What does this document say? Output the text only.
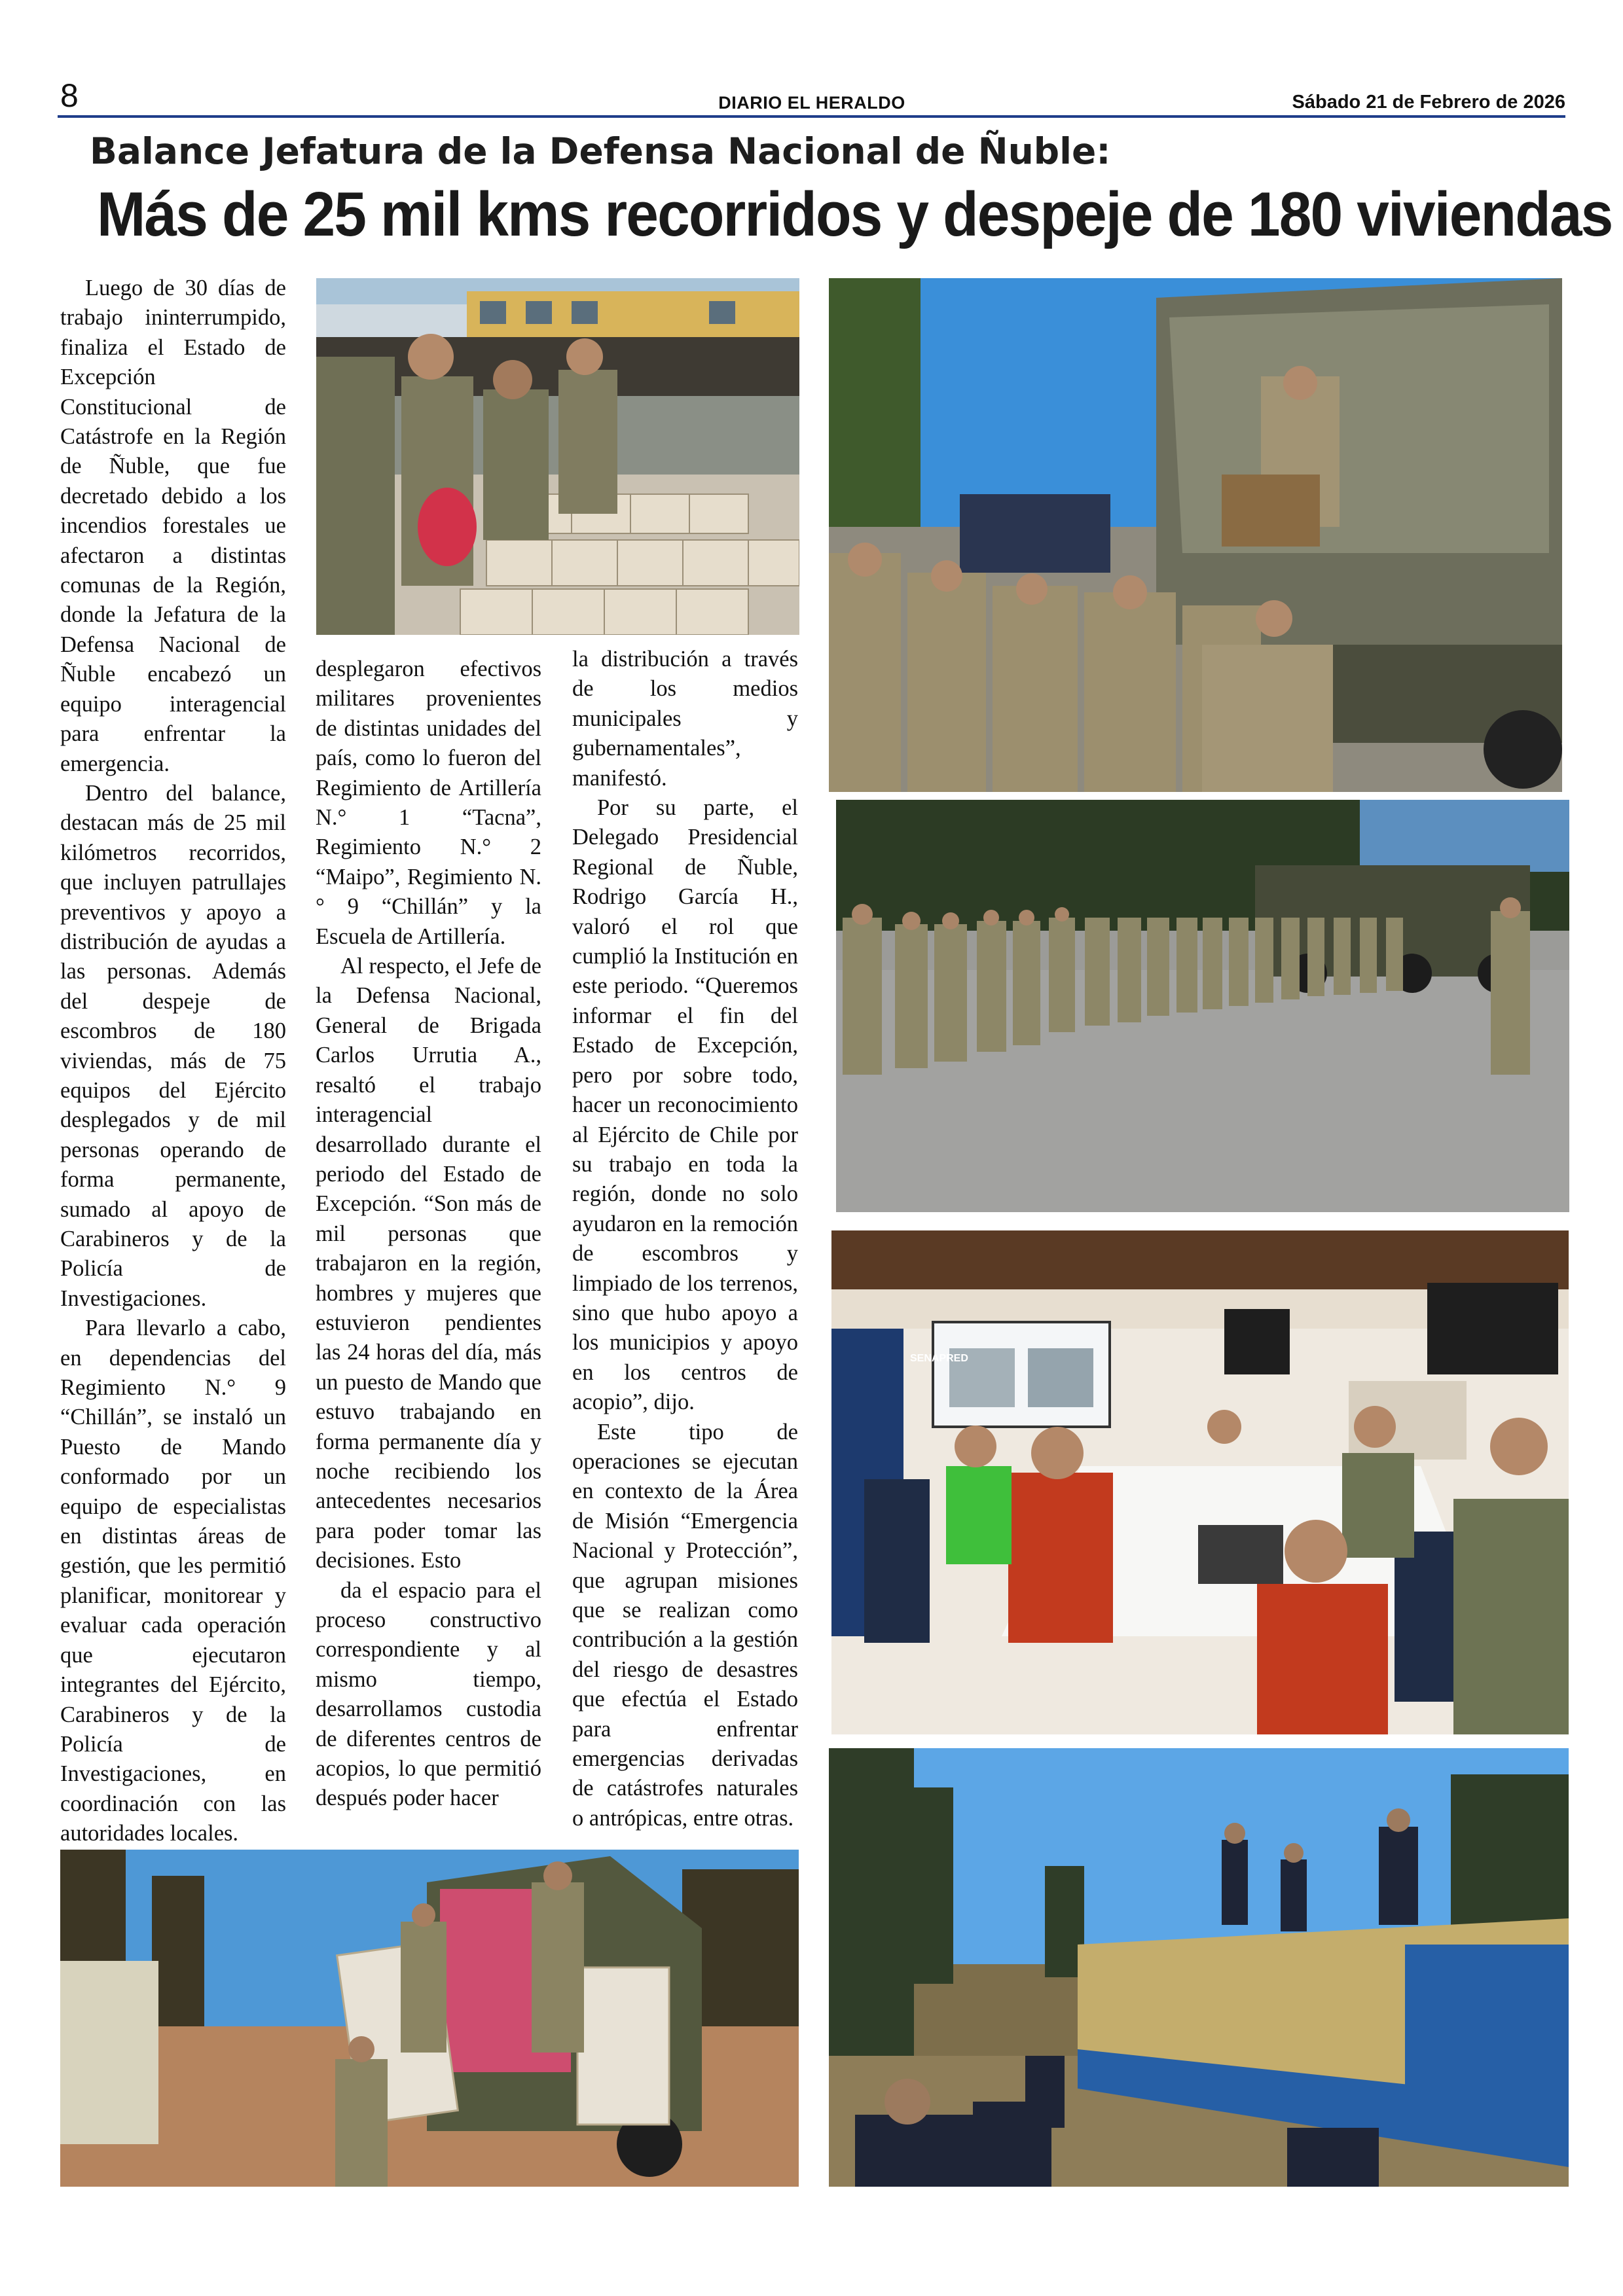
8	DIARIO EL HERALDO	Sábado 21 de Febrero de 2026
Balance Jefatura de la Defensa Nacional de Ñuble:
Más de 25 mil kms recorridos y despeje de 180 viviendas

Luego de 30 días de trabajo ininterrumpido, finaliza el Estado de Excepción Constitucional de Catástrofe en la Región de Ñuble, que fue decretado debido a los incendios forestales ue afectaron a distintas comunas de la Región, donde la Jefatura de la Defensa Nacional de Ñuble encabezó un equipo interagencial para enfrentar la emergencia.

Dentro del balance, destacan más de 25 mil kilómetros recorridos, que incluyen patrullajes preventivos y apoyo a distribución de ayudas a las personas. Además del despeje de escombros de 180 viviendas, más de 75 equipos del Ejército desplegados y de mil personas operando de forma permanente, sumado al apoyo de Carabineros y de la Policía de Investigaciones.

Para llevarlo a cabo, en dependencias del Regimiento N.° 9 “Chillán”, se instaló un Puesto de Mando conformado por un equipo de especialistas en distintas áreas de gestión, que les permitió planificar, monitorear y evaluar cada operación que ejecutaron integrantes del Ejército, Carabineros y de la Policía de Investigaciones, en coordinación con las autoridades locales.

desplegaron efectivos militares provenientes de distintas unidades del país, como lo fueron del Regimiento de Artillería N.° 1 “Tacna”, Regimiento N.° 2 “Maipo”, Regimiento N.° 9 “Chillán” y la Escuela de Artillería.

Al respecto, el Jefe de la Defensa Nacional, General de Brigada Carlos Urrutia A., resaltó el trabajo interagencial desarrollado durante el periodo del Estado de Excepción. “Son más de mil personas que trabajaron en la región, hombres y mujeres que estuvieron pendientes las 24 horas del día, más un puesto de Mando que estuvo trabajando en forma permanente día y noche recibiendo los antecedentes necesarios para poder tomar las decisiones. Esto

da el espacio para el proceso constructivo correspondiente y al mismo tiempo, desarrollamos custodia de diferentes centros de acopios, lo que permitió después poder hacer

la distribución a través de los medios municipales y gubernamentales”, manifestó.

Por su parte, el Delegado Presidencial Regional de Ñuble, Rodrigo García H., valoró el rol que cumplió la Institución en este periodo. “Queremos informar el fin del Estado de Excepción, pero por sobre todo, hacer un reconocimiento al Ejército de Chile por su trabajo en toda la región, donde no solo ayudaron en la remoción de escombros y limpiado de los terrenos, sino que hubo apoyo a los municipios y apoyo en los centros de acopio”, dijo.

Este tipo de operaciones se ejecutan en contexto de la Área de Misión “Emergencia Nacional y Protección”, que agrupan misiones que se realizan como contribución a la gestión del riesgo de desastres que efectúa el Estado para enfrentar emergencias derivadas de catástrofes naturales o antrópicas, entre otras.

SENAPRED
